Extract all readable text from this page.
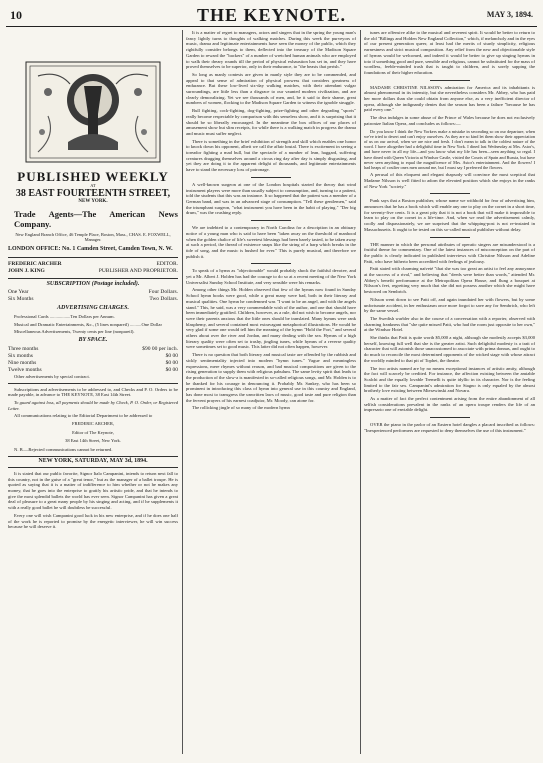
10	THE KEYNOTE.	MAY 3, 1894.
PUBLISHED WEEKLY
AT
38 EAST FOURTEENTH STREET,
NEW YORK.
Trade Agents—The American News Company.
New England Branch Office, 46 Temple Place, Boston, Mass., CHAS. E. FOXWELL, Manager.
LONDON OFFICE: No. 1 Camden Street, Camden Town, N. W.
FREDERIC ARCHER	EDITOR.
JOHN J. KING	PUBLISHER AND PROPRIETOR.
SUBSCRIPTION (Postage included).
One Year	Four Dollars.
Six Months	Two Dollars.
ADVERTISING CHARGES.

Professional Cards ..................Ten Dollars per Annum.

Musical and Dramatic Entertainments, &c., (5 lines nonpareil) ..........One Dollar

Miscellaneous Advertisements, Twenty cents per line (nonpareil).

BY SPACE.
Three months	$90 00 per inch.
Six months	$0 00
Nine months	$0 00
Twelve months	$0 00

Other advertisements by special contract.

Subscriptions and advertisements to be addressed to, and Checks and P. O. Orders to be made payable, in advance to THE KEYNOTE, 38 East 14th Street.

To guard against loss, all payments should be made by Check, P. O. Order, or Registered Letter.

All communications relating to the Editorial Department to be addressed to

FREDERIC ARCHER,
Editor of The Keynote,
38 East 14th Street, New York.

N. B.—Rejected communications cannot be returned.

NEW YORK, SATURDAY, MAY 3d, 1894.

It is stated that our public favorite, Signor Italo Campanini, intends to return next fall to this country, not in the guise of a "great tenor," but as the manager of a ballet troupe. He is quoted as saying that it is a matter of indifference to him whether or not he makes any money, that he goes into the enterprise to gratify his artistic pride, and that he intends to give the most splendid ballets the world has ever seen. Signor Campanini has given a great deal of pleasure to a great many people by his singing and acting, and if he supplements it with a really good ballet he will doubtless be successful.

Every one will wish Campanini good luck in his new enterprise, and if he does one half of the work he is reported to promise by the energetic interviewer, he will win success because he will deserve it.

It is a matter of regret to managers, actors and singers that in the spring the young man's fancy lightly turns to thoughts of walking matches. During this week the purveyors of music, drama and legitimate entertainments have seen the money of the public, which they rightfully consider belongs to them, deflected into the treasury of the Madison Square Garden to reward the "backers" of a number of wretched human animals who are employed to walk their dreary rounds till the period of physical exhaustion has set in, and they have proved themselves to be superior, only in their endurance, to "the beasts that perish."

So long as manly contests are given in manly style they are to be commended, and appeal to that sense of admiration of physical prowess that considers greatness of endurance. But these low-lived six-day walking matches, with their attendant vulgar surroundings, are little less than a disgrace to our vaunted modern civilization, and are clearly demoralizing. Yet we see thousands of men, and, be it said to their shame, great numbers of women, flocking to the Madison Square Garden to witness the ignoble struggle.

Bull fighting, cock-fighting, dog-fighting, prize-fighting and other degrading "sports" really become respectable by comparison with this senseless show, and it is surprising that it should be so liberally encouraged. In the meantime the box offices of our places of amusement show but slim receipts, for while there is a walking match in progress the drama and music must suffer neglect.

There is something in the brief exhibition of strength and skill which enables one honor to knock down his opponent, albeit we call the affair brutal. There is excitement in seeing a toreador fighting a mad bull, but the spectacle of a number of lean, haggard, suffering creatures dragging themselves around a circus ring day after day is simply disgusting, and yet they are doing it to the apparent delight of thousands, and legitimate entertainments have to stand the necessary loss of patronage.

A well-known surgeon at one of the London hospitals started the theory that wind instrument players were more than usually subject to consumption, and, turning to a patient, told the students that this was an instance. It so happened that the patient was a member of a German band, and was in an advanced stage of consumption. "Tell these gentlemen," said the triumphant surgeon, "what instrument you have been in the habit of playing." "Der big drum," was the crushing reply.

We are indebted to a contemporary in North Carolina for a description in an obituary notice of a young man who is said to have been "taken away on the threshold of manhood when the golden chalice of life's sweetest blessings had been barely tasted, to be taken away at such a period, the thread of existence snaps like the string of a harp which breaks in the tide of song, and the music is hushed for ever." This is purely musical, and therefore we publish it.

To speak of a hymn as "objectionable" would probably shock the faithful devotee, and yet a Mr. Albert J. Holden has had the courage to do so at a recent meeting of the New York Universalist Sunday School Institute, and very sensible were his remarks.

Among other things Mr. Holden observed that few of the hymns now found in Sunday School hymn books were good, while a great many were bad, both in their literary and musical qualities. One hymn he condemned was "I want to be an angel, and with the angels stand." This, he said, was a very commendable wish of the author, and one that should have been immediately gratified. Children, however, as a rule, did not wish to become angels, nor were their parents anxious that the little ones should be translated. Many hymns were rank blasphemy, and several contained most extravagant metaphorical illustrations. He would be very glad if some one would tell him the meaning of the hymn "Hold the Fort," and several others about over the river and Jordan, and many dealing with the sea. Hymns of a high literary quality were often set to trashy, jingling tunes, while hymns of a reverse quality were sometimes set to good music. This latter did not often happen, however.

There is no question that both literary and musical taste are offended by the rubbish and sickly sentimentality injected into modern "hymn tunes." Vague and meaningless expressions, mere rhymes without reason, and bad musical compositions are given to the rising generation to supply them with religious pabulum. The same levity spirit that leads to the production of the slow-a is manifested in so-called religious songs, and Mr. Holden is to be thanked for his courage in denouncing it. Probably Mr. Sankey, who has been so prominent in introducing this class of hymn into general use in this country and England, has done most to transgress the unwritten laws of music, good taste and pure religion than the fervent prayers of his earnest coadjutor, Mr. Moody, can atone for.

The rollicking jingle of so many of the modern hymn

tunes are offensive alike to the musical and reverent spirit. It would be better to return to the old "Billings and Holden New England Collection," which, if melancholy and in the eyes of our present generation queer, at least had the merits of sturdy simplicity, religious earnestness and strict musical composition. Any relief from the new and objectionable style of hymns would be welcomed, and indeed it would be better to give up singing hymns in toto if something good and pure, sensible and religious, cannot be substituted for the mass of wordless, feeble-minded trash that is taught to children, and is sorely sapping the foundations of their higher education.

MADAME CHRISTINE NILSSON's admiration for America and its inhabitants is almost phenomenal in its intensity, but she nevertheless considers Mr. Abbey, who has paid her more dollars than she could obtain from anyone else, as a very inefficient director of opera, although she indignantly denies that the season has been a failure "because he has paid every one."

The diva indulges in some abuse of the Prince of Wales because he does not exclusively patronize Italian Opera, and concludes as follows:—

Do you know I think the New Yorkers make a mistake in seconding so on our departure, when we've tried to desert and can't enjoy ourselves. As they are so kind let them show their appreciation of us on our arrival, when we are nice and fresh. I don't mean to talk in the coldest nature of the word. I have altogether had a delightful time in New York. I dined last Wednesday at Mrs. Astor's, and have never in all my life—and you know what my life has been—seen anything so regal. I have dined with Queen Victoria at Windsor Castle, visited the Courts of Spain and Russia, but have never seen anything to equal the magnificence of Mrs. Astor's entertainment. And the flowers! I had heaps of costlier ones men around me, but I must say I preferred the flowers.

A perusal of this eloquent and elegant rhapsody will convince the most sceptical that Madame Nilsson is well fitted to adorn the elevated position which she enjoys in the ranks of New York "society."

Punk says that a Boston publisher, whose name we withhold for fear of advertising him, announces that he has a book which will enable any one to play on the cornet in a short time, for seventy-five cents. It is a great pity that it is not a book that will make it impossible to learn to play on the cornet in a life-time. And, when we read the advertisement calmly, coolly and dispassionately, we are surprised that the whipping-post is not re-instated in Massachusetts. It ought to be tested on this so-called musical publisher without delay.

THE manner in which the personal attributes of operatic singers are misunderstood is a fruitful theme for commentary. One of the latest instances of misconception on the part of the public is clearly indicated in published interviews with Christine Nilsson and Adeline Patti, who have hitherto been accredited with feelings of jealousy.

Patti stated with charming naïveté "that she was too great an artist to feel any annoyance at the success of a rival," and believing that "deeds were better than words," attended Mr. Abbey's benefit performance at the Metropolitan Opera House, and flung a bouquet at Nilsson's feet, regretting very much that she did not possess another which she might have bestowed on Sembrich.

Nilsson went down to see Patti off, and again inundated her with flowers, but by some unfortunate accident, in her enthusiasm once more forgot to save any for Sembrich, who left by the same vessel.

The Swedish warbler also in the course of a conversation with a reporter, observed with charming frankness that "she quite missed Patti, who had the room just opposite to her own," at the Windsor Hotel.

She thinks that Patti is quite worth $5,000 a night, although she modestly accepts $3,000 herself, knowing full well that she is the greater artist. Such delightful modesty is a trait of character that will astonish those unaccustomed to associate with prima donnas, and ought to do much to reconcile the most determined opponents of the wicked stage with whose attract the worldly minded to that pit of Tophet, the theatre.

The two artists named are by no means exceptional instances of artistic amity, although the fact will scarcely be credited. For instance, the affection existing between the amiable Scalchi and the equally lovable Tremelli is quite idyllic in its character. Nor is the feeling limited to the fair sex. Campanini's admiration for Stagno is only equaled by the almost brotherly love existing between Mierzwinski and Novara.

As a matter of fact the perfect contentment arising from the entire abandonment of all selfish considerations prevalent in the ranks of an opera troupe renders the life of an impresario one of enviable delight.

OVER the piano in the parlor of an Eastern hotel dangles a placard inscribed as follows: "Inexperienced performers are requested to deny themselves the use of this instrument."
